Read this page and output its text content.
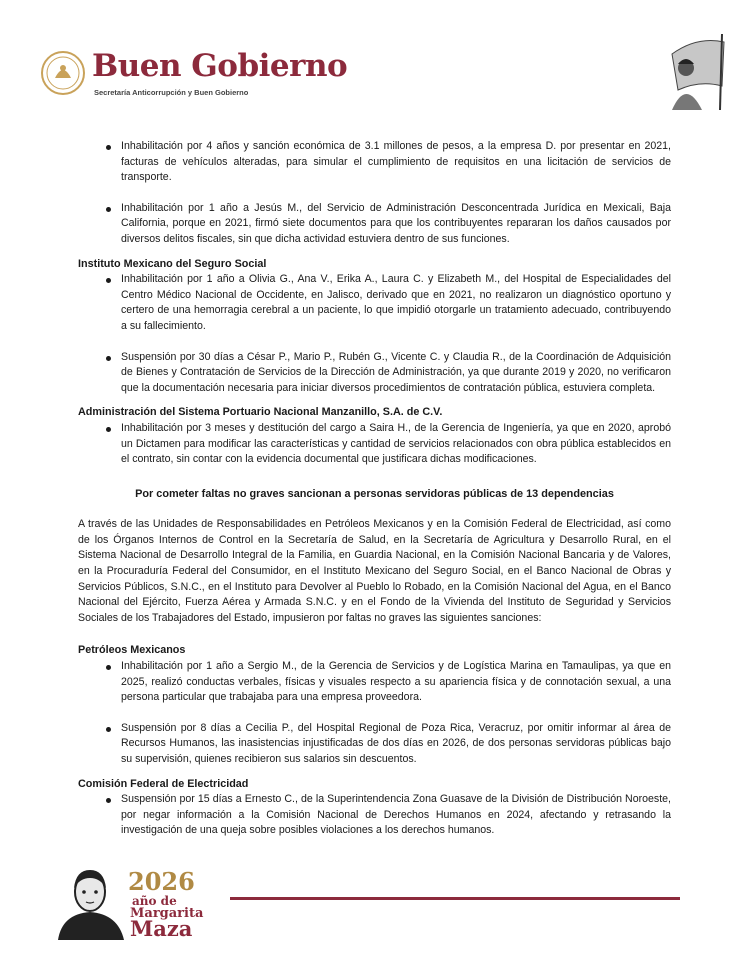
Buen Gobierno
Secretaría Anticorrupción y Buen Gobierno
Inhabilitación por 4 años y sanción económica de 3.1 millones de pesos, a la empresa D. por presentar en 2021, facturas de vehículos alteradas, para simular el cumplimiento de requisitos en una licitación de servicios de transporte.
Inhabilitación por 1 año a Jesús M., del Servicio de Administración Desconcentrada Jurídica en Mexicali, Baja California, porque en 2021, firmó siete documentos para que los contribuyentes repararan los daños causados por diversos delitos fiscales, sin que dicha actividad estuviera dentro de sus funciones.
Instituto Mexicano del Seguro Social
Inhabilitación por 1 año a Olivia G., Ana V., Erika A., Laura C. y Elizabeth M., del Hospital de Especialidades del Centro Médico Nacional de Occidente, en Jalisco, derivado que en 2021, no realizaron un diagnóstico oportuno y certero de una hemorragia cerebral a un paciente, lo que impidió otorgarle un tratamiento adecuado, contribuyendo a su fallecimiento.
Suspensión por 30 días a César P., Mario P., Rubén G., Vicente C. y Claudia R., de la Coordinación de Adquisición de Bienes y Contratación de Servicios de la Dirección de Administración, ya que durante 2019 y 2020, no verificaron que la documentación necesaria para iniciar diversos procedimientos de contratación pública, estuviera completa.
Administración del Sistema Portuario Nacional Manzanillo, S.A. de C.V.
Inhabilitación por 3 meses y destitución del cargo a Saira H., de la Gerencia de Ingeniería, ya que en 2020, aprobó un Dictamen para modificar las características y cantidad de servicios relacionados con obra pública establecidos en el contrato, sin contar con la evidencia documental que justificara dichas modificaciones.
Por cometer faltas no graves sancionan a personas servidoras públicas de 13 dependencias
A través de las Unidades de Responsabilidades en Petróleos Mexicanos y en la Comisión Federal de Electricidad, así como de los Órganos Internos de Control en la Secretaría de Salud, en la Secretaría de Agricultura y Desarrollo Rural, en el Sistema Nacional de Desarrollo Integral de la Familia, en Guardia Nacional, en la Comisión Nacional Bancaria y de Valores, en la Procuraduría Federal del Consumidor, en el Instituto Mexicano del Seguro Social, en el Banco Nacional de Obras y Servicios Públicos, S.N.C., en el Instituto para Devolver al Pueblo lo Robado, en la Comisión Nacional del Agua, en el Banco Nacional del Ejército, Fuerza Aérea y Armada S.N.C. y en el Fondo de la Vivienda del Instituto de Seguridad y Servicios Sociales de los Trabajadores del Estado, impusieron por faltas no graves las siguientes sanciones:
Petróleos Mexicanos
Inhabilitación por 1 año a Sergio M., de la Gerencia de Servicios y de Logística Marina en Tamaulipas, ya que en 2025, realizó conductas verbales, físicas y visuales respecto a su apariencia física y de connotación sexual, a una persona particular que trabajaba para una empresa proveedora.
Suspensión por 8 días a Cecilia P., del Hospital Regional de Poza Rica, Veracruz, por omitir informar al área de Recursos Humanos, las inasistencias injustificadas de dos días en 2026, de dos personas servidoras públicas bajo su supervisión, quienes recibieron sus salarios sin descuentos.
Comisión Federal de Electricidad
Suspensión por 15 días a Ernesto C., de la Superintendencia Zona Guasave de la División de Distribución Noroeste, por negar información a la Comisión Nacional de Derechos Humanos en 2024, afectando y retrasando la investigación de una queja sobre posibles violaciones a los derechos humanos.
2026
año de
Margarita
Maza
